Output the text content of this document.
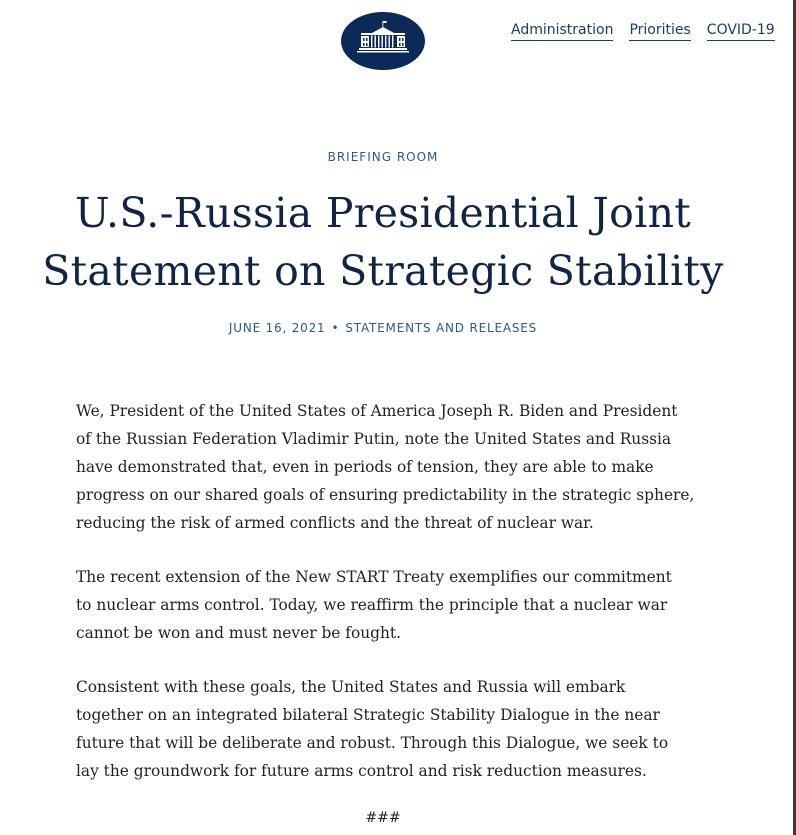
Administration Priorities COVID-19
BRIEFING ROOM
U.S.-Russia Presidential Joint
Statement on Strategic Stability
JUNE 16, 2021 • STATEMENTS AND RELEASES

We, President of the United States of America Joseph R. Biden and President
of the Russian Federation Vladimir Putin, note the United States and Russia
have demonstrated that, even in periods of tension, they are able to make
progress on our shared goals of ensuring predictability in the strategic sphere,
reducing the risk of armed conflicts and the threat of nuclear war.

The recent extension of the New START Treaty exemplifies our commitment
to nuclear arms control. Today, we reaffirm the principle that a nuclear war
cannot be won and must never be fought.

Consistent with these goals, the United States and Russia will embark
together on an integrated bilateral Strategic Stability Dialogue in the near
future that will be deliberate and robust. Through this Dialogue, we seek to
lay the groundwork for future arms control and risk reduction measures.

###
